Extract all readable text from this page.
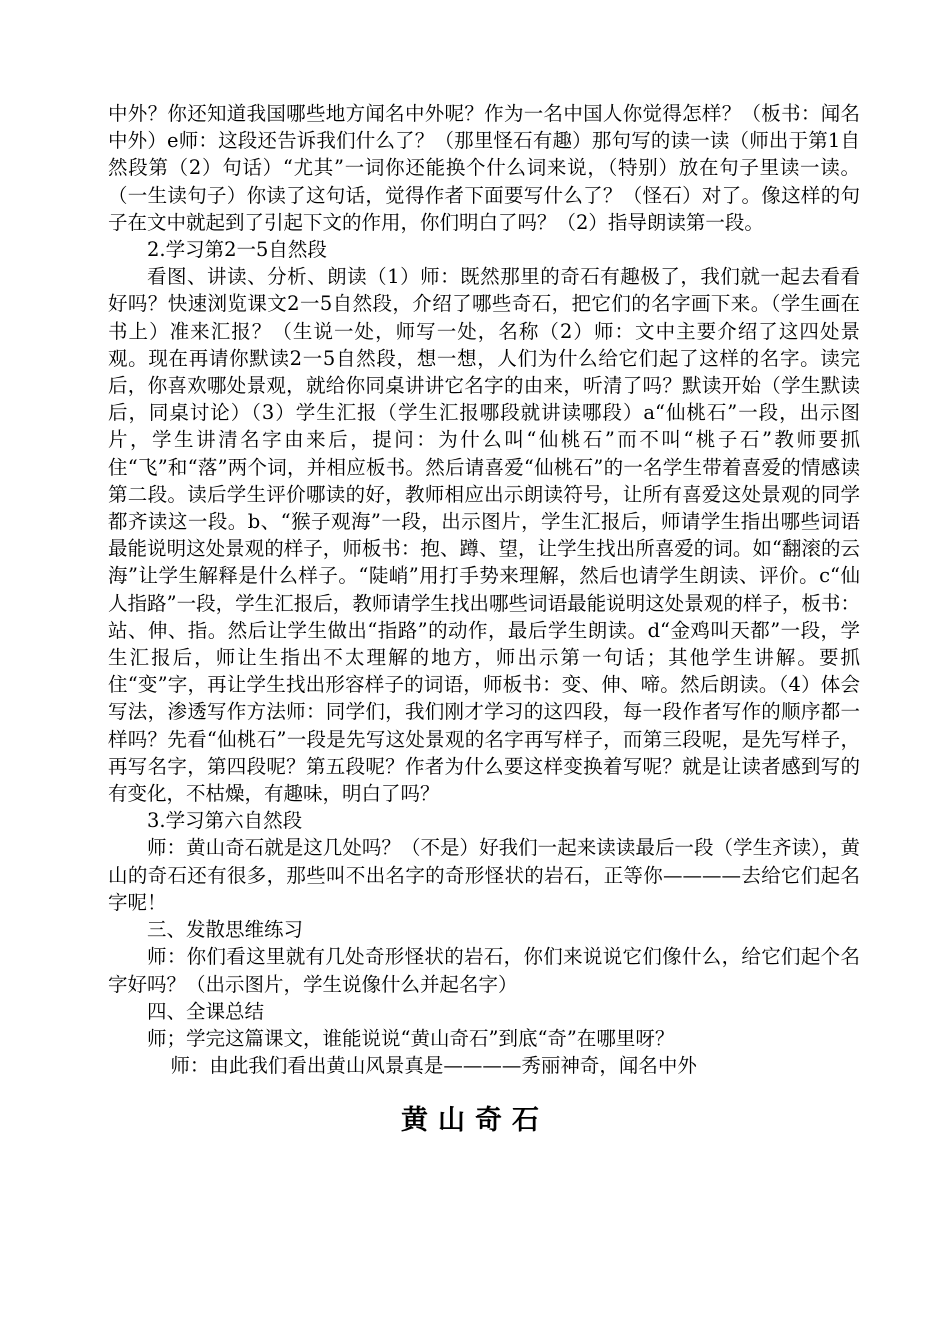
中外？你还知道我国哪些地方闻名中外呢？作为一名中国人你觉得怎样？（板书：闻名中外）e师：这段还告诉我们什么了？（那里怪石有趣）那句写的读一读（师出于第1自然段第（2）句话）“尤其”一词你还能换个什么词来说，（特别）放在句子里读一读。（一生读句子）你读了这句话，觉得作者下面要写什么了？（怪石）对了。像这样的句子在文中就起到了引起下文的作用，你们明白了吗？（2）指导朗读第一段。

2.学习第2一5自然段

看图、讲读、分析、朗读（1）师：既然那里的奇石有趣极了，我们就一起去看看好吗？快速浏览课文2一5自然段，介绍了哪些奇石，把它们的名字画下来。（学生画在书上）准来汇报？（生说一处，师写一处，名称（2）师：文中主要介绍了这四处景观。现在再请你默读2一5自然段，想一想，人们为什么给它们起了这样的名字。读完后，你喜欢哪处景观，就给你同桌讲讲它名字的由来，听清了吗？默读开始（学生默读后，同桌讨论）（3）学生汇报（学生汇报哪段就讲读哪段）a“仙桃石”一段，出示图片，学生讲清名字由来后，提问：为什么叫“仙桃石”而不叫“桃子石”教师要抓住“飞”和“落”两个词，并相应板书。然后请喜爱“仙桃石”的一名学生带着喜爱的情感读第二段。读后学生评价哪读的好，教师相应出示朗读符号，让所有喜爱这处景观的同学都齐读这一段。b、“猴子观海”一段，出示图片，学生汇报后，师请学生指出哪些词语最能说明这处景观的样子，师板书：抱、蹲、望，让学生找出所喜爱的词。如“翻滚的云海”让学生解释是什么样子。“陡峭”用打手势来理解，然后也请学生朗读、评价。c“仙人指路”一段，学生汇报后，教师请学生找出哪些词语最能说明这处景观的样子，板书：站、伸、指。然后让学生做出“指路”的动作，最后学生朗读。d“金鸡叫天都”一段，学生汇报后，师让生指出不太理解的地方，师出示第一句话；其他学生讲解。要抓住“变”字，再让学生找出形容样子的词语，师板书：变、伸、啼。然后朗读。（4）体会写法，渗透写作方法师：同学们，我们刚才学习的这四段，每一段作者写作的顺序都一样吗？先看“仙桃石”一段是先写这处景观的名字再写样子，而第三段呢，是先写样子，再写名字，第四段呢？第五段呢？作者为什么要这样变换着写呢？就是让读者感到写的有变化，不枯燥，有趣味，明白了吗？

3.学习第六自然段

师：黄山奇石就是这几处吗？（不是）好我们一起来读读最后一段（学生齐读），黄山的奇石还有很多，那些叫不出名字的奇形怪状的岩石，正等你————去给它们起名字呢！

三、发散思维练习

师：你们看这里就有几处奇形怪状的岩石，你们来说说它们像什么，给它们起个名字好吗？（出示图片，学生说像什么并起名字）

四、全课总结

师；学完这篇课文，谁能说说“黄山奇石”到底“奇”在哪里呀？

师：由此我们看出黄山风景真是————秀丽神奇，闻名中外

黄山奇石
